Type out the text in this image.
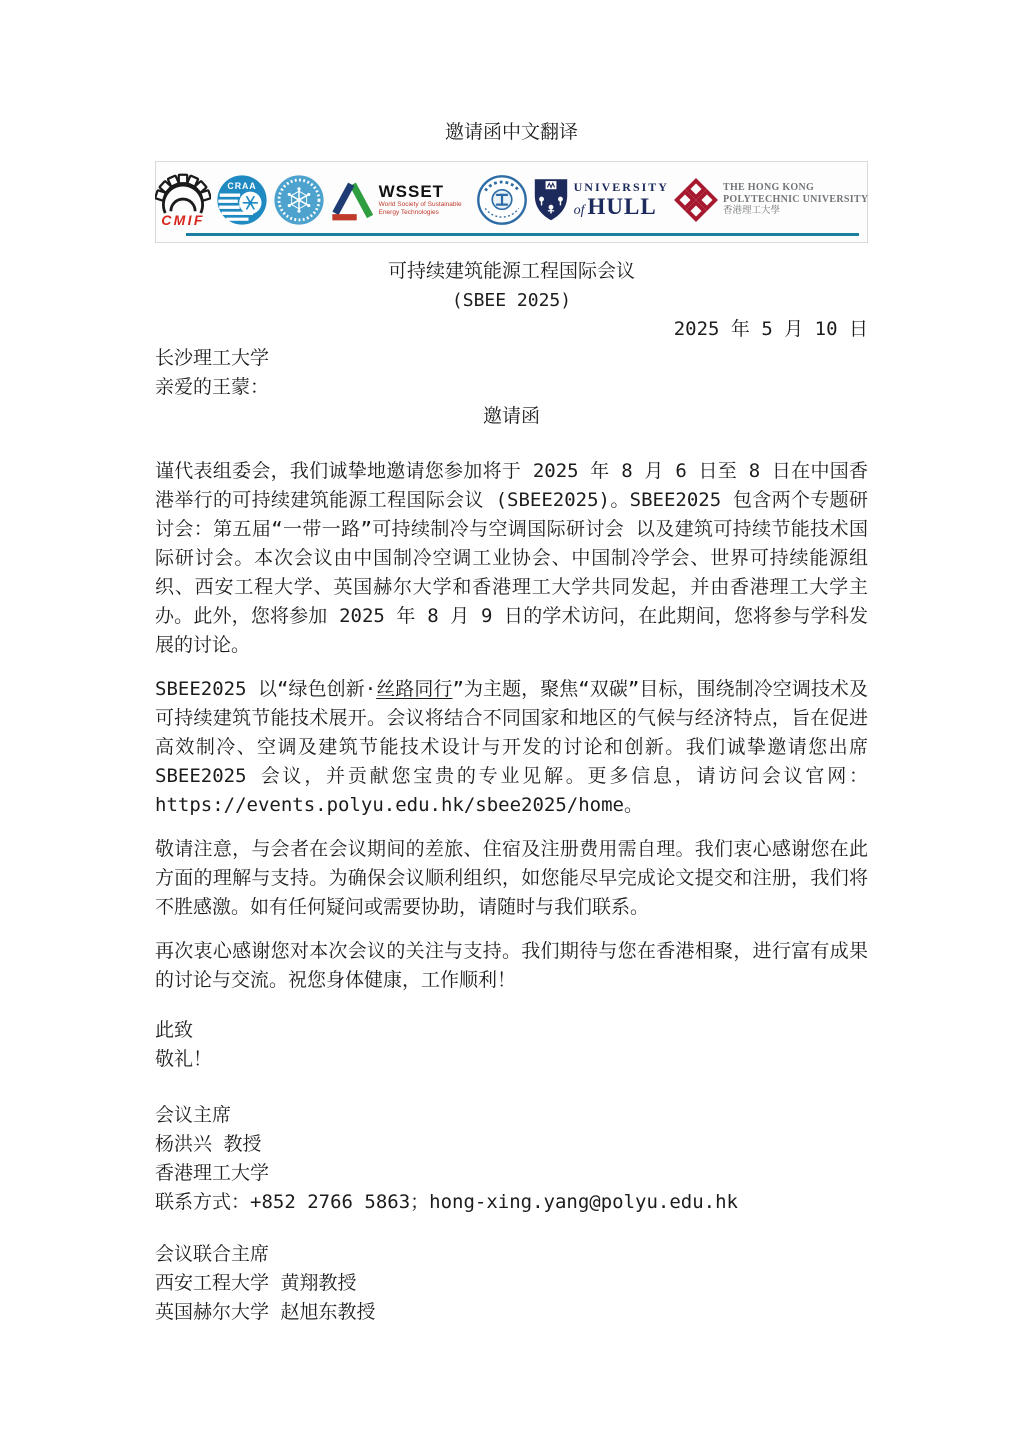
邀请函中文翻译
CMIF
CRAA	WSSET
World Society of Sustainable
Energy Technologies
UNIVERSITY
of HULL
THE HONG KONG
POLYTECHNIC UNIVERSITY
香港理工大學
可持续建筑能源工程国际会议
(SBEE 2025)
2025 年 5 月 10 日
长沙理工大学
亲爱的王蒙：
邀请函

谨代表组委会，我们诚挚地邀请您参加将于 2025 年 8 月 6 日至 8 日在中国香港举行的可持续建筑能源工程国际会议 (SBEE2025)。SBEE2025 包含两个专题研讨会：第五届“一带一路”可持续制冷与空调国际研讨会 以及建筑可持续节能技术国际研讨会。本次会议由中国制冷空调工业协会、中国制冷学会、世界可持续能源组织、西安工程大学、英国赫尔大学和香港理工大学共同发起，并由香港理工大学主办。此外，您将参加 2025 年 8 月 9 日的学术访问，在此期间，您将参与学科发展的讨论。

SBEE2025 以“绿色创新·丝路同行”为主题，聚焦“双碳”目标，围绕制冷空调技术及可持续建筑节能技术展开。会议将结合不同国家和地区的气候与经济特点，旨在促进高效制冷、空调及建筑节能技术设计与开发的讨论和创新。我们诚挚邀请您出席 SBEE2025 会议，并贡献您宝贵的专业见解。更多信息，请访问会议官网：https://events.polyu.edu.hk/sbee2025/home。

敬请注意，与会者在会议期间的差旅、住宿及注册费用需自理。我们衷心感谢您在此方面的理解与支持。为确保会议顺利组织，如您能尽早完成论文提交和注册，我们将不胜感激。如有任何疑问或需要协助，请随时与我们联系。

再次衷心感谢您对本次会议的关注与支持。我们期待与您在香港相聚，进行富有成果的讨论与交流。祝您身体健康，工作顺利！

此致
敬礼！
会议主席
杨洪兴 教授
香港理工大学
联系方式：+852 2766 5863；hong-xing.yang@polyu.edu.hk
会议联合主席
西安工程大学 黄翔教授
英国赫尔大学 赵旭东教授
